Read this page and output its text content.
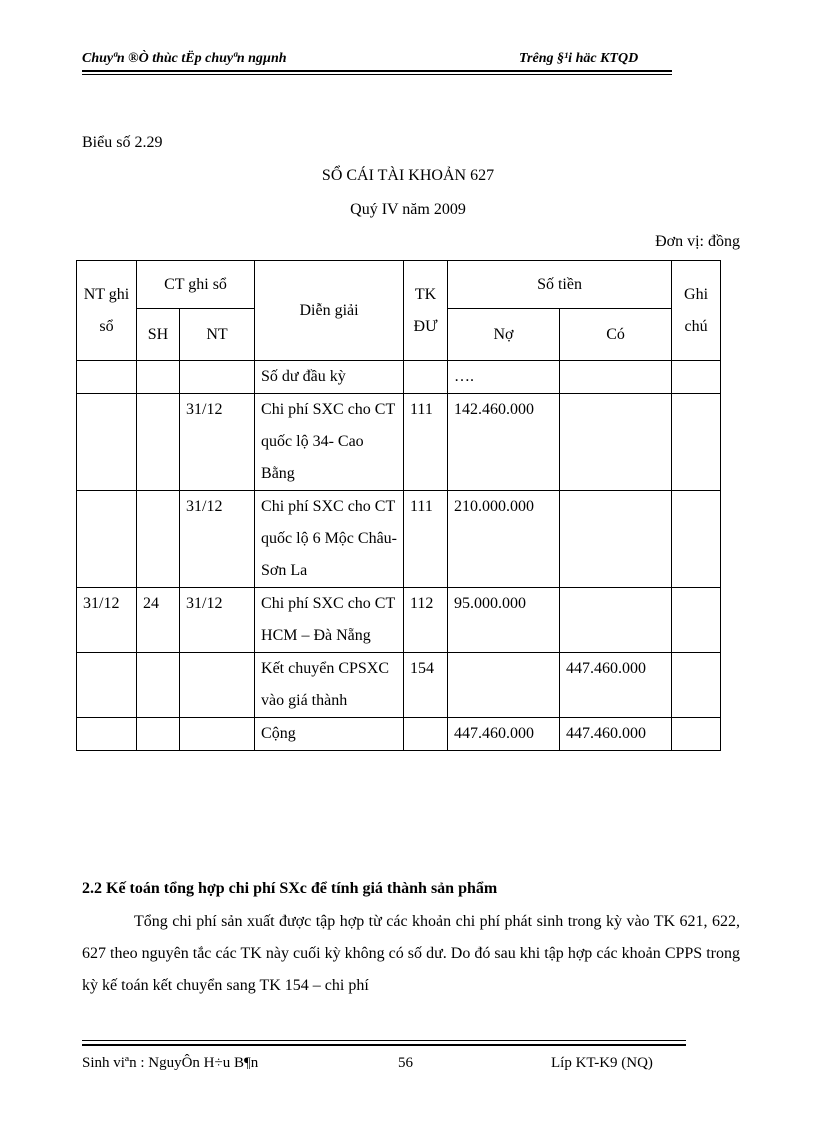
Chuyªn ®Ò thùc tËp chuyªn ngµnh	Trêng §¹i häc KTQD
Biểu số 2.29
SỔ CÁI TÀI KHOẢN 627
Quý IV năm 2009
Đơn vị: đồng
NT ghi sổ	CT ghi sổ		Diễn giải	TK ĐƯ	Số tiền		Ghi chú
	SH	NT			Nợ	Có	
			Số dư đầu kỳ		….		
		31/12	Chi phí SXC cho CT quốc lộ 34- Cao Bằng	111	142.460.000		
		31/12	Chi phí SXC cho CT quốc lộ 6 Mộc Châu- Sơn La	111	210.000.000		
31/12	24	31/12	Chi phí SXC cho CT HCM – Đà Nẵng	112	95.000.000		
			Kết chuyển CPSXC vào giá thành	154		447.460.000	
			Cộng		447.460.000	447.460.000	
2.2 Kế toán tổng hợp chi phí SXc để tính giá thành sản phẩm
Tổng chi phí sản xuất được tập hợp từ các khoản chi phí phát sinh trong kỳ vào TK 621, 622, 627 theo nguyên tắc các TK này cuối kỳ không có số dư. Do đó sau khi tập hợp các khoản CPPS trong kỳ kế toán kết chuyển sang TK 154 – chi phí
Sinh viªn : NguyÔn H÷u B¶n	56	Líp KT-K9 (NQ)
